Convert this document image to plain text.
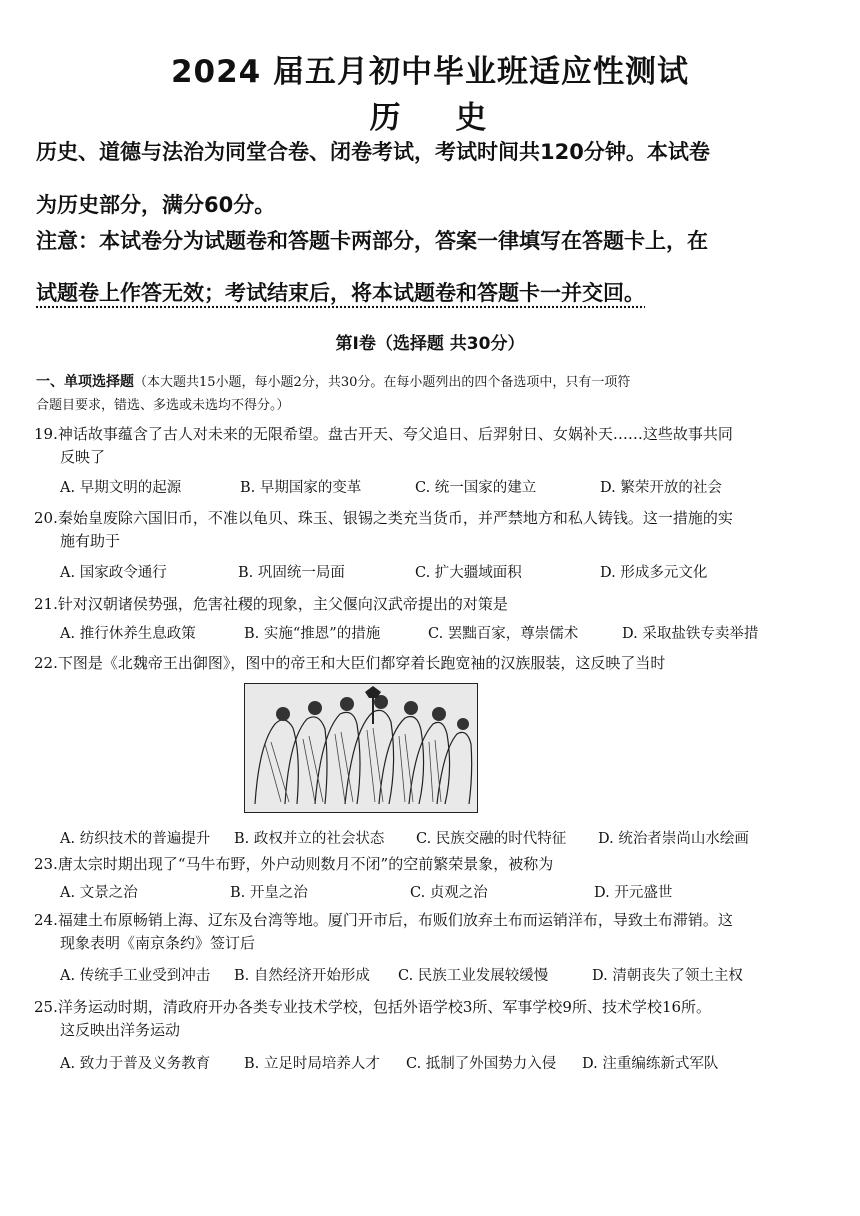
2024 届五月初中毕业班适应性测试
历 史
历史、道德与法治为同堂合卷、闭卷考试，考试时间共120分钟。本试卷
为历史部分，满分60分。
注意：本试卷分为试题卷和答题卡两部分，答案一律填写在答题卡上，在
试题卷上作答无效；考试结束后，将本试题卷和答题卡一并交回。
第Ⅰ卷（选择题 共30分）
一、单项选择题（本大题共15小题，每小题2分，共30分。在每小题列出的四个备选项中，只有一项符
合题目要求，错选、多选或未选均不得分。）
19.神话故事蕴含了古人对未来的无限希望。盘古开天、夸父追日、后羿射日、女娲补天……这些故事共同
反映了
A. 早期文明的起源	B. 早期国家的变革	C. 统一国家的建立	D. 繁荣开放的社会
20.秦始皇废除六国旧币，不准以龟贝、珠玉、银锡之类充当货币，并严禁地方和私人铸钱。这一措施的实
施有助于
A. 国家政令通行	B. 巩固统一局面	C. 扩大疆域面积	D. 形成多元文化
21.针对汉朝诸侯势强，危害社稷的现象，主父偃向汉武帝提出的对策是
A. 推行休养生息政策	B. 实施“推恩”的措施	C. 罢黜百家，尊崇儒术	D. 采取盐铁专卖举措
22.下图是《北魏帝王出御图》，图中的帝王和大臣们都穿着长跑宽袖的汉族服装，这反映了当时
A. 纺织技术的普遍提升 B. 政权并立的社会状态 C. 民族交融的时代特征 D. 统治者崇尚山水绘画
23.唐太宗时期出现了“马牛布野，外户动则数月不闭”的空前繁荣景象，被称为
A. 文景之治	B. 开皇之治	C. 贞观之治	D. 开元盛世
24.福建土布原畅销上海、辽东及台湾等地。厦门开市后，布贩们放弃土布而运销洋布，导致土布滞销。这
现象表明《南京条约》签订后
A. 传统手工业受到冲击 B. 自然经济开始形成 C. 民族工业发展较缓慢	D. 清朝丧失了领土主权
25.洋务运动时期，清政府开办各类专业技术学校，包括外语学校3所、军事学校9所、技术学校16所。
这反映出洋务运动
A. 致力于普及义务教育 B. 立足时局培养人才 C. 抵制了外国势力入侵 D. 注重编练新式军队
